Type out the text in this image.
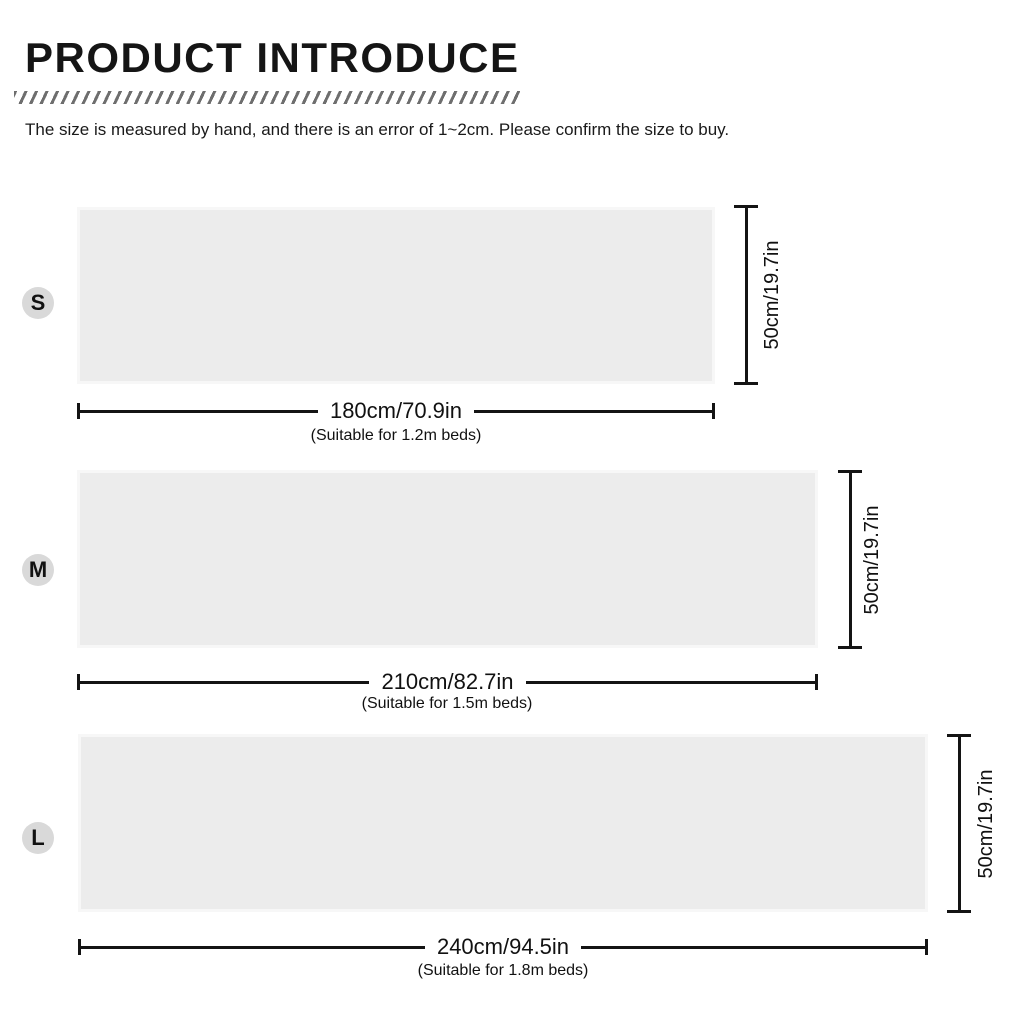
PRODUCT INTRODUCE

The size is measured by hand, and there is an error of 1~2cm. Please confirm the size to buy.

S	50cm/19.7in
180cm/70.9in
(Suitable for 1.2m beds)
M	50cm/19.7in
210cm/82.7in
(Suitable for 1.5m beds)
L	50cm/19.7in
240cm/94.5in
(Suitable for 1.8m beds)
